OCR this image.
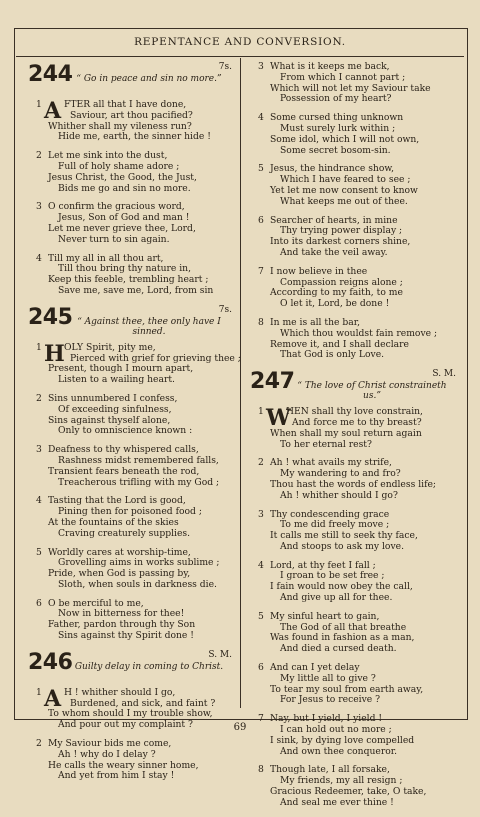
REPENTANCE AND CONVERSION.
244	7s.
“ Go in peace and sin no more.”
1 A FTER all that I have done,
Saviour, art thou pacified?
Whither shall my vileness run?
Hide me, earth, the sinner hide !
2 Let me sink into the dust,
Full of holy shame adore ;
Jesus Christ, the Good, the Just,
Bids me go and sin no more.
3 O confirm the gracious word,
Jesus, Son of God and man !
Let me never grieve thee, Lord,
Never turn to sin again.
4 Till my all in all thou art,
Till thou bring thy nature in,
Keep this feeble, trembling heart ;
Save me, save me, Lord, from sin
245	7s.
“ Against thee, thee only have I sinned.
1 H OLY Spirit, pity me,
Pierced with grief for grieving thee ;
Present, though I mourn apart,
Listen to a wailing heart.
2 Sins unnumbered I confess,
Of exceeding sinfulness,
Sins against thyself alone,
Only to omniscience known :
3 Deafness to thy whispered calls,
Rashness midst remembered falls,
Transient fears beneath the rod,
Treacherous trifling with my God ;
4 Tasting that the Lord is good,
Pining then for poisoned food ;
At the fountains of the skies
Craving creaturely supplies.
5 Worldly cares at worship-time,
Grovelling aims in works sublime ;
Pride, when God is passing by,
Sloth, when souls in darkness die.
6 O be merciful to me,
Now in bitterness for thee!
Father, pardon through thy Son
Sins against thy Spirit done !
246	S. M.
Guilty delay in coming to Christ.
1 A H ! whither should I go,
Burdened, and sick, and faint ?
To whom should I my trouble show,
And pour out my complaint ?
2 My Saviour bids me come,
Ah ! why do I delay ?
He calls the weary sinner home,
And yet from him I stay !
3 What is it keeps me back,
From which I cannot part ;
Which will not let my Saviour take
Possession of my heart?
4 Some cursed thing unknown
Must surely lurk within ;
Some idol, which I will not own,
Some secret bosom-sin.
5 Jesus, the hindrance show,
Which I have feared to see ;
Yet let me now consent to know
What keeps me out of thee.
6 Searcher of hearts, in mine
Thy trying power display ;
Into its darkest corners shine,
And take the veil away.
7 I now believe in thee
Compassion reigns alone ;
According to my faith, to me
O let it, Lord, be done !
8 In me is all the bar,
Which thou wouldst fain remove ;
Remove it, and I shall declare
That God is only Love.
247	S. M.
“ The love of Christ constraineth us.”
1 W
HEN shall thy love constrain,
And force me to thy breast?
When shall my soul return again
To her eternal rest?
2 Ah ! what avails my strife,
My wandering to and fro?
Thou hast the words of endless life;
Ah ! whither should I go?
3 Thy condescending grace
To me did freely move ;
It calls me still to seek thy face,
And stoops to ask my love.
4 Lord, at thy feet I fall ;
I groan to be set free ;
I fain would now obey the call,
And give up all for thee.
5 My sinful heart to gain,
The God of all that breathe
Was found in fashion as a man,
And died a cursed death.
6 And can I yet delay
My little all to give ?
To tear my soul from earth away,
For Jesus to receive ?
7 Nay, but I yield, I yield !
I can hold out no more ;
I sink, by dying love compelled
And own thee conqueror.
8 Though late, I all forsake,
My friends, my all resign ;
Gracious Redeemer, take, O take,
And seal me ever thine !
69
